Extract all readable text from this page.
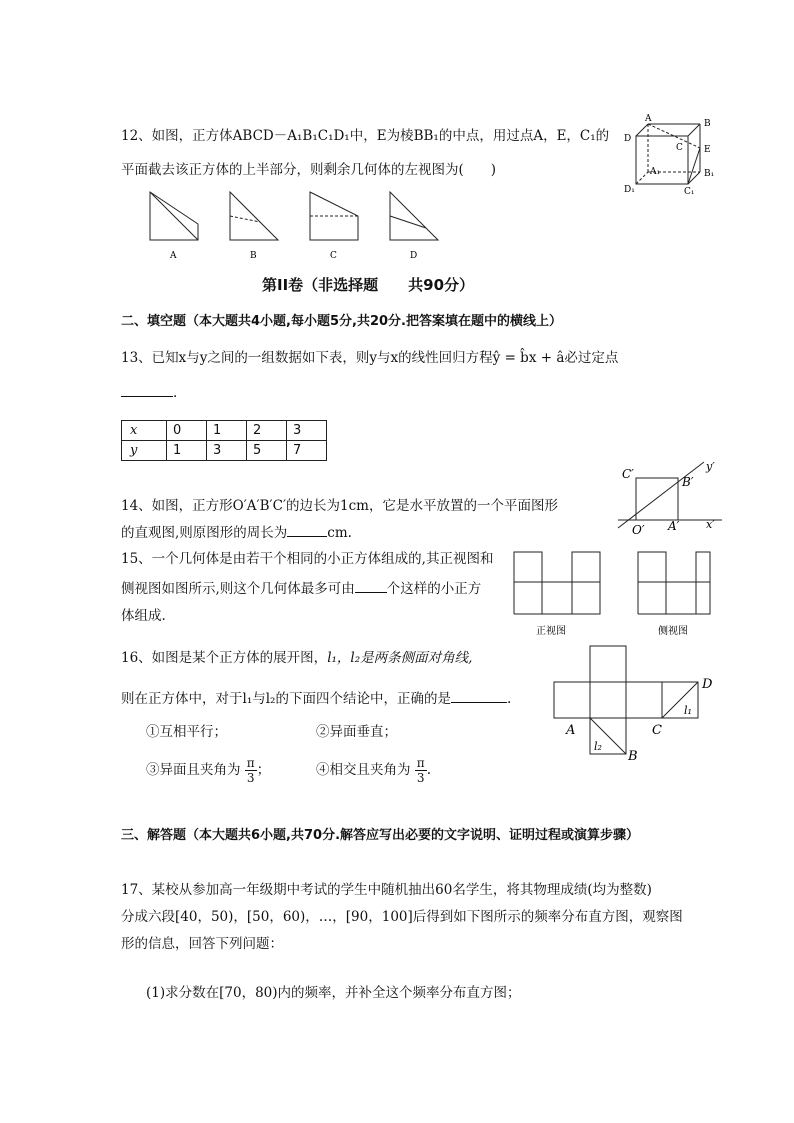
12、如图，正方体ABCD－A₁B₁C₁D₁中，E为棱BB₁的中点，用过点A，E，C₁的
平面截去该正方体的上半部分，则剩余几何体的左视图为(　　)
D
A	B
C E
D₁
A₁	B₁
C₁
A	B	C	D
第II卷（非选择题　　共90分）
二、填空题（本大题共4小题,每小题5分,共20分.把答案填在题中的横线上）
13、已知x与y之间的一组数据如下表，则y与x的线性回归方程ŷ = b̂x + â必过定点
.
x	0	1	2	3
y	1	3	5	7
14、如图，正方形O′A′B′C′的边长为1cm，它是水平放置的一个平面图形
的直观图,则原图形的周长为	cm.
C′
y′
B′
O′ A′ x′
15、一个几何体是由若干个相同的小正方体组成的,其正视图和
侧视图如图所示,则这个几何体最多可由 个这样的小正方
体组成.
正视图	侧视图
16、如图是某个正方体的展开图，l₁，l₂是两条侧面对角线,
则在正方体中，对于l₁与l₂的下面四个结论中，正确的是	.
①互相平行；	②异面垂直；
③异面且夹角为 $\frac{\pi}{3}$ ；	④相交且夹角为 $\frac{\pi}{3}$ .
D
l₁
A	C
l₂
B
三、解答题（本大题共6小题,共70分.解答应写出必要的文字说明、证明过程或演算步骤）
17、某校从参加高一年级期中考试的学生中随机抽出60名学生，将其物理成绩(均为整数)
分成六段[40，50)，[50，60)，…，[90，100]后得到如下图所示的频率分布直方图，观察图
形的信息，回答下列问题：
(1)求分数在[70，80)内的频率，并补全这个频率分布直方图；
